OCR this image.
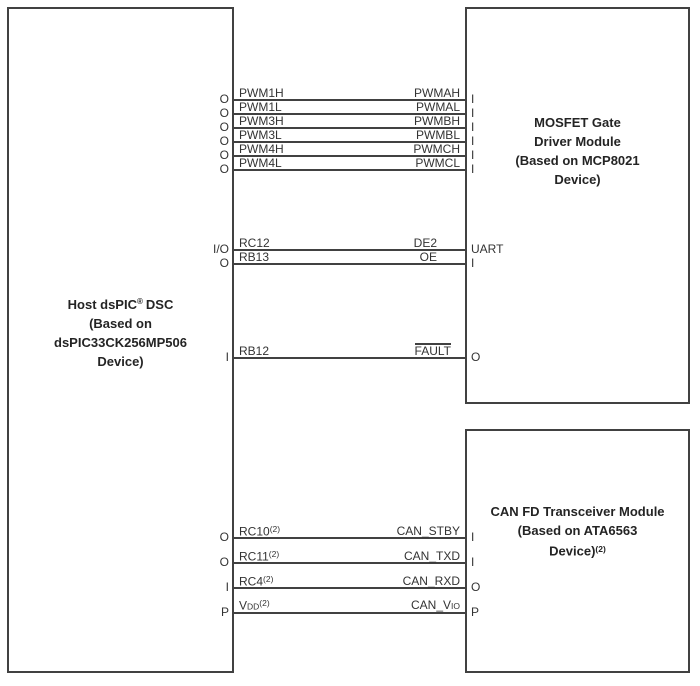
Host dsPIC® DSC
(Based on
dsPIC33CK256MP506
Device)
MOSFET Gate
Driver Module
(Based on MCP8021
Device)
CAN FD Transceiver Module
(Based on ATA6563
Device)$^{(2)}$
O PWM1H	PWMAH I
O PWM1L	PWMAL I
O PWM3H	PWMBH I
O PWM3L	PWMBL I
O PWM4H	PWMCH I
O PWM4L	PWMCL I
I/O RC12	DE2	UART
O RB13	OE	I
I RB12	FAULT O
O RC10$^{(2)}$	CAN_STBY I
O RC11$^{(2)}$	CAN_TXD I
I RC4$^{(2)}$	CAN_RXD O
P VDD$^{(2)}$	CAN_VIO P
